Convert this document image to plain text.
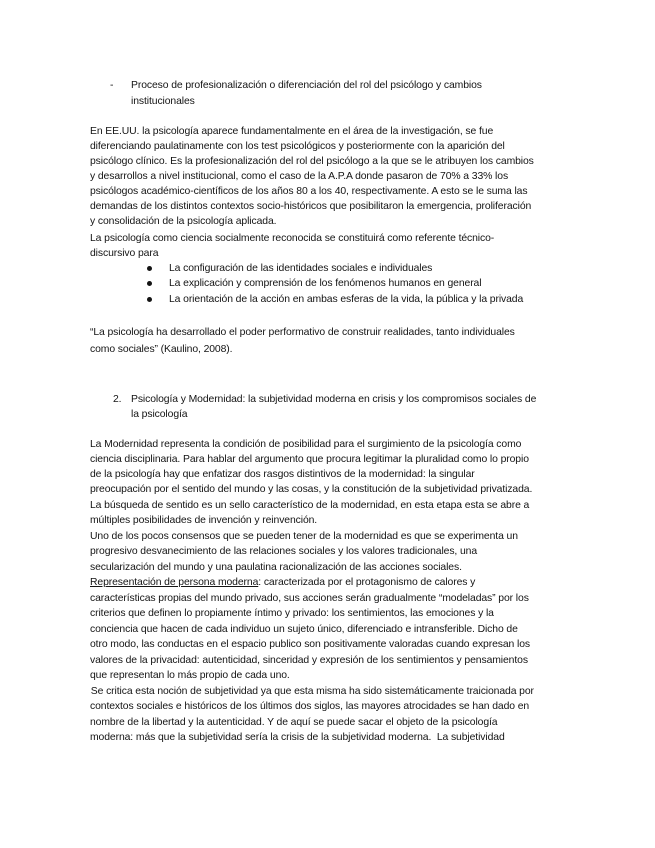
- Proceso de profesionalización o diferenciación del rol del psicólogo y cambios
institucionales
En EE.UU. la psicología aparece fundamentalmente en el área de la investigación, se fue
diferenciando paulatinamente con los test psicológicos y posteriormente con la aparición del
psicólogo clínico. Es la profesionalización del rol del psicólogo a la que se le atribuyen los cambios
y desarrollos a nivel institucional, como el caso de la A.P.A donde pasaron de 70% a 33% los
psicólogos académico-científicos de los años 80 a los 40, respectivamente. A esto se le suma las
demandas de los distintos contextos socio-históricos que posibilitaron la emergencia, proliferación
y consolidación de la psicología aplicada.
La psicología como ciencia socialmente reconocida se constituirá como referente técnico-
discursivo para
La configuración de las identidades sociales e individuales
La explicación y comprensión de los fenómenos humanos en general
La orientación de la acción en ambas esferas de la vida, la pública y la privada
“La psicología ha desarrollado el poder performativo de construir realidades, tanto individuales
como sociales” (Kaulino, 2008).
2. Psicología y Modernidad: la subjetividad moderna en crisis y los compromisos sociales de
la psicología
La Modernidad representa la condición de posibilidad para el surgimiento de la psicología como
ciencia disciplinaria. Para hablar del argumento que procura legitimar la pluralidad como lo propio
de la psicología hay que enfatizar dos rasgos distintivos de la modernidad: la singular
preocupación por el sentido del mundo y las cosas, y la constitución de la subjetividad privatizada.
La búsqueda de sentido es un sello característico de la modernidad, en esta etapa esta se abre a
múltiples posibilidades de invención y reinvención.
Uno de los pocos consensos que se pueden tener de la modernidad es que se experimenta un
progresivo desvanecimiento de las relaciones sociales y los valores tradicionales, una
secularización del mundo y una paulatina racionalización de las acciones sociales.
Representación de persona moderna: caracterizada por el protagonismo de calores y
características propias del mundo privado, sus acciones serán gradualmente “modeladas” por los
criterios que definen lo propiamente íntimo y privado: los sentimientos, las emociones y la
conciencia que hacen de cada individuo un sujeto único, diferenciado e intransferible. Dicho de
otro modo, las conductas en el espacio publico son positivamente valoradas cuando expresan los
valores de la privacidad: autenticidad, sinceridad y expresión de los sentimientos y pensamientos
que representan lo más propio de cada uno.
Se critica esta noción de subjetividad ya que esta misma ha sido sistemáticamente traicionada por
contextos sociales e históricos de los últimos dos siglos, las mayores atrocidades se han dado en
nombre de la libertad y la autenticidad. Y de aquí se puede sacar el objeto de la psicología
moderna: más que la subjetividad sería la crisis de la subjetividad moderna.  La subjetividad
